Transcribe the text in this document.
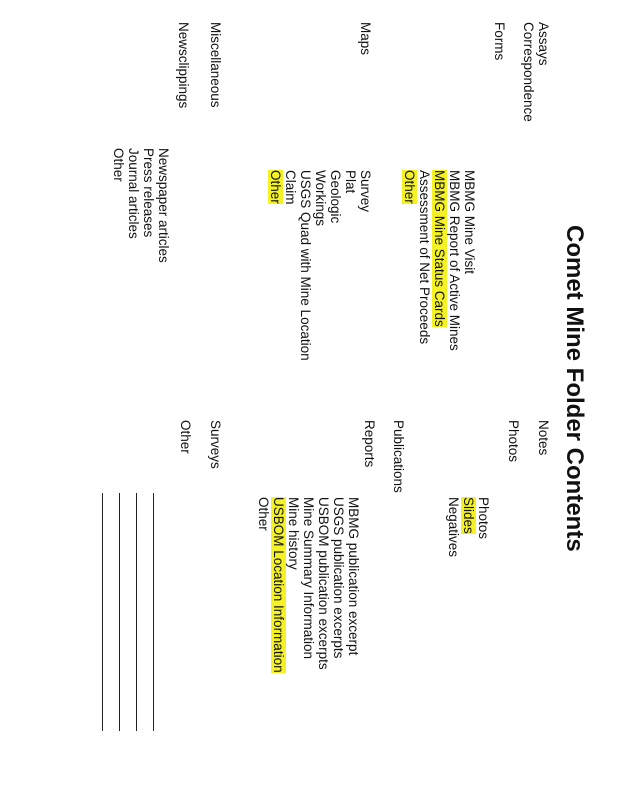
Comet Mine Folder Contents
Assays
Correspondence
Forms
MBMG Mine Visit
MBMG Report of Active Mines
MBMG Mine Status Cards
Assessment of Net Proceeds
Other
Maps
Survey
Plat
Geologic
Workings
USGS Quad with Mine Location
Claim
Other
Miscellaneous
Newsclippings
Newspaper articles
Press releases
Journal articles
Other
Notes
Photos
Photos
Slides
Negatives
Publications
Reports
MBMG publication excerpt
USGS publication excerpts
USBOM publication excerpts
Mine Summary Information
Mine history
USBOM Location Information
Other
Surveys
Other
